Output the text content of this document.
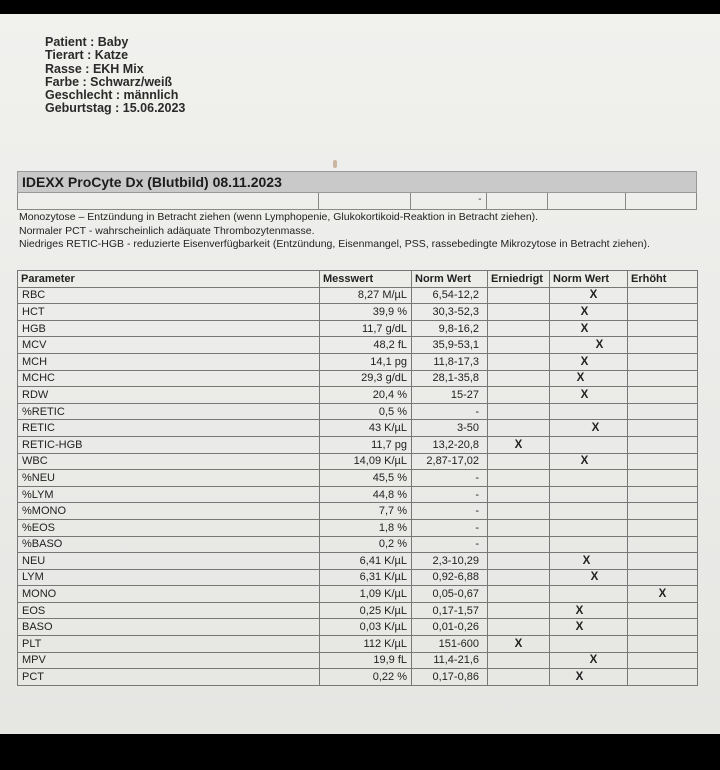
Patient : Baby
Tierart : Katze
Rasse : EKH Mix
Farbe : Schwarz/weiß
Geschlecht : männlich
Geburtstag : 15.06.2023
IDEXX ProCyte Dx (Blutbild) 08.11.2023
-
Monozytose – Entzündung in Betracht ziehen (wenn Lymphopenie, Glukokortikoid-Reaktion in Betracht ziehen).
Normaler PCT - wahrscheinlich adäquate Thrombozytenmasse.
Niedriges RETIC-HGB - reduzierte Eisenverfügbarkeit (Entzündung, Eisenmangel, PSS, rassebedingte Mikrozytose in Betracht ziehen).
Parameter	Messwert	Norm Wert	Erniedrigt	Norm Wert	Erhöht
RBC	8,27 M/µL	6,54-12,2		X	
HCT	39,9 %	30,3-52,3		X	
HGB	11,7 g/dL	9,8-16,2		X	
MCV	48,2 fL	35,9-53,1		X	
MCH	14,1 pg	11,8-17,3		X	
MCHC	29,3 g/dL	28,1-35,8		X	
RDW	20,4 %	15-27		X	
%RETIC	0,5 %	-			
RETIC	43 K/µL	3-50		X	
RETIC-HGB	11,7 pg	13,2-20,8	X		
WBC	14,09 K/µL	2,87-17,02		X	
%NEU	45,5 %	-			
%LYM	44,8 %	-			
%MONO	7,7 %	-			
%EOS	1,8 %	-			
%BASO	0,2 %	-			
NEU	6,41 K/µL	2,3-10,29		X	
LYM	6,31 K/µL	0,92-6,88		X	
MONO	1,09 K/µL	0,05-0,67			X
EOS	0,25 K/µL	0,17-1,57		X	
BASO	0,03 K/µL	0,01-0,26		X	
PLT	112 K/µL	151-600	X		
MPV	19,9 fL	11,4-21,6		X	
PCT	0,22 %	0,17-0,86		X	
